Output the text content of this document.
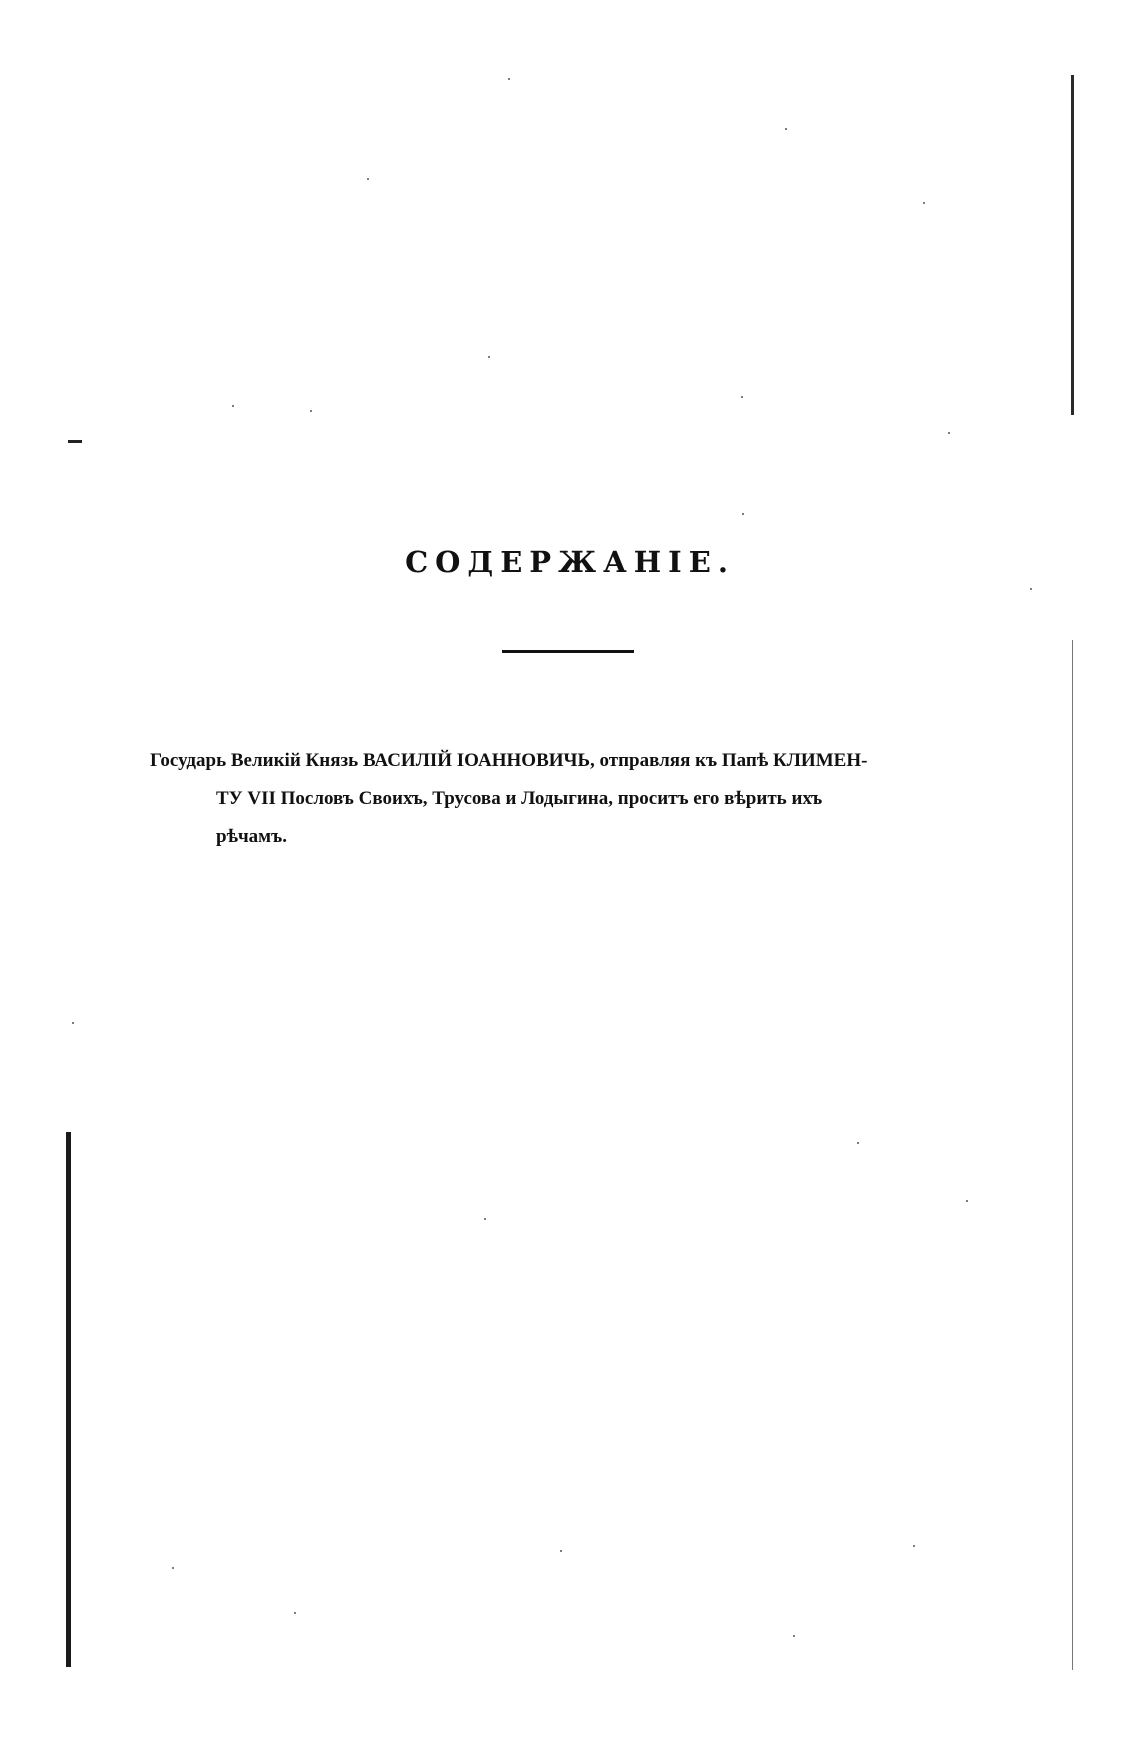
СОДЕРЖАНІЕ.
Государь Великій Князь ВАСИЛІЙ ІОАННОВИЧЬ, отправляя къ Папѣ КЛИМЕН-
ТУ VII Пословъ Своихъ, Трусова и Лодыгина, проситъ его вѣрить ихъ
рѣчамъ.
